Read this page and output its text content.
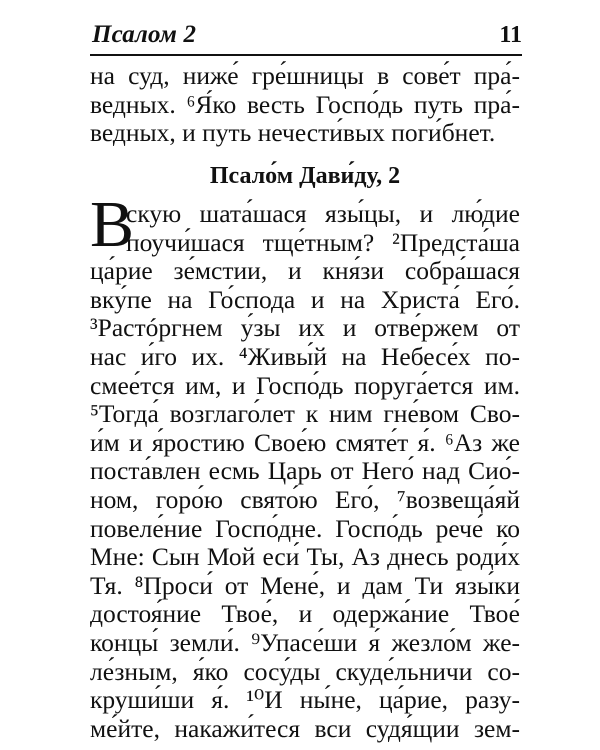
Псалом 2	11
на суд, ниже́ гре́шницы в сове́т пра́-
ведных. ⁶Я́ко весть Госпо́дь путь пра́-
ведных, и путь нечести́вых поги́бнет.
Псало́м Дави́ду, 2
В
скую шата́шася язы́цы, и лю́дие
поучи́шася тще́тным? ²Предста́ша
ца́рие зе́мстии, и кня́зи собра́шася
вку́пе на Го́спода и на Христа́ Его́.
³Растóргнем у́зы их и отве́ржем от
нас и́го их. ⁴Живы́й на Небесе́х по-
смее́тся им, и Госпо́дь поруга́ется им.
⁵Тогда́ возглаго́лет к ним гне́вом Сво-
и́м и я́ростию Свое́ю смяте́т я́. ⁶Аз же
поста́влен есмь Царь от Него́ над Сио́-
ном, горо́ю свято́ю Его́, ⁷возвеща́яй
повеле́ние Госпо́дне. Госпо́дь рече́ ко
Мне: Сын Мой еси́ Ты, Аз днесь роди́х
Тя. ⁸Проси́ от Мене́, и дам Ти язы́ки
достоя́ние Твое́, и одержа́ние Твое́
концы́ земли́. ⁹Упасе́ши я́ жезло́м же-
ле́зным, я́ко сосу́ды скуде́льничи со-
круши́ши я́. ¹⁰И ны́не, ца́рие, разу-
ме́йте, накажи́теся вси судя́щии зем-
